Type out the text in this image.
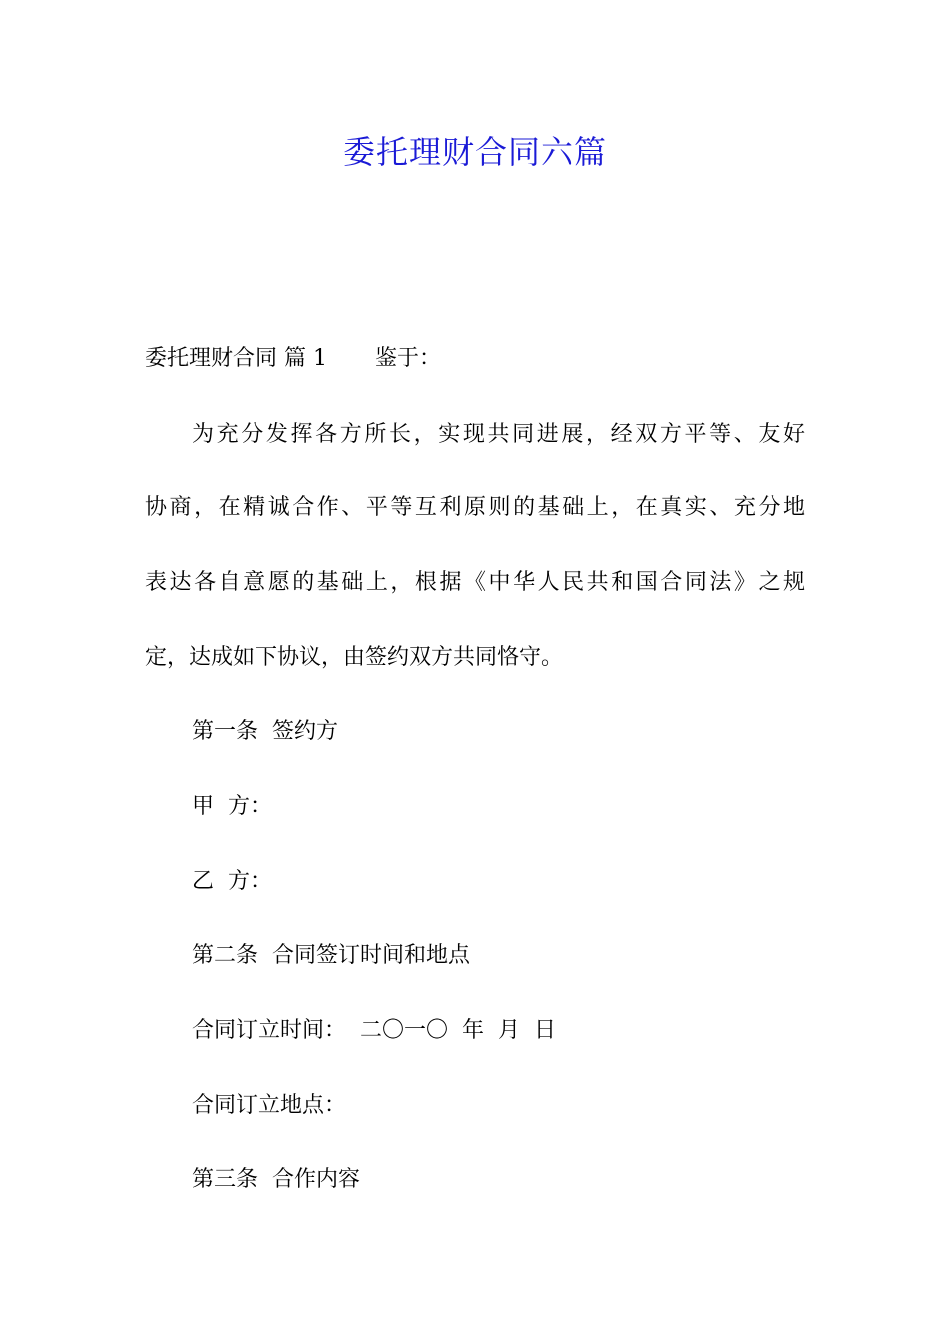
委托理财合同六篇
委托理财合同 篇 1 鉴于：
为充分发挥各方所长，实现共同进展，经双方平等、友好
协商，在精诚合作、平等互利原则的基础上，在真实、充分地
表达各自意愿的基础上，根据《中华人民共和国合同法》之规
定，达成如下协议，由签约双方共同恪守。
第一条  签约方
甲  方：
乙  方：
第二条  合同签订时间和地点
合同订立时间：  二〇一〇  年  月  日
合同订立地点：
第三条  合作内容
